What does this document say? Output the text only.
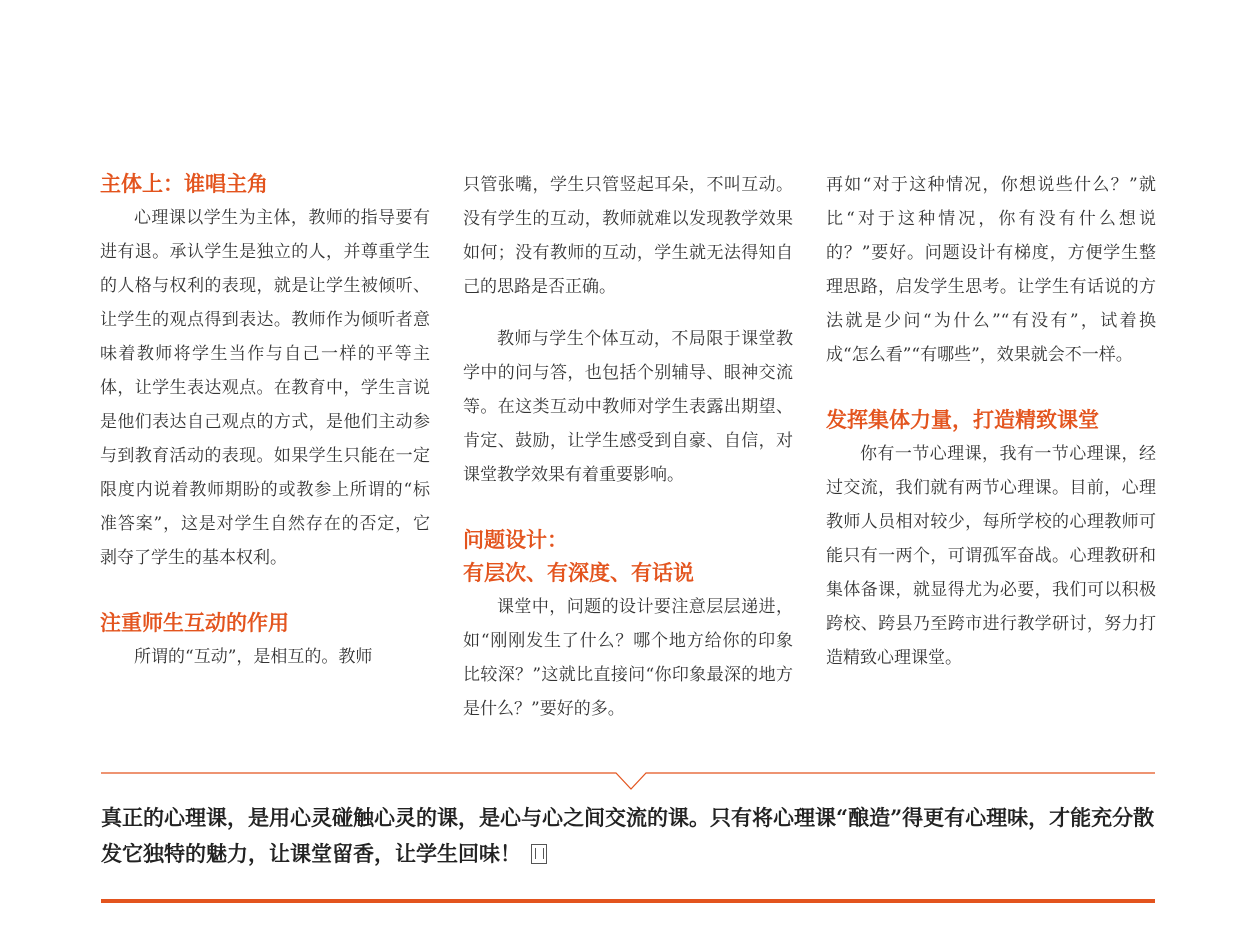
主体上：谁唱主角

心理课以学生为主体，教师的指导要有进有退。承认学生是独立的人，并尊重学生的人格与权利的表现，就是让学生被倾听、让学生的观点得到表达。教师作为倾听者意味着教师将学生当作与自己一样的平等主体，让学生表达观点。在教育中，学生言说是他们表达自己观点的方式，是他们主动参与到教育活动的表现。如果学生只能在一定限度内说着教师期盼的或教参上所谓的“标准答案”，这是对学生自然存在的否定，它剥夺了学生的基本权利。

注重师生互动的作用

所谓的“互动”，是相互的。教师

只管张嘴，学生只管竖起耳朵，不叫互动。没有学生的互动，教师就难以发现教学效果如何；没有教师的互动，学生就无法得知自己的思路是否正确。

教师与学生个体互动，不局限于课堂教学中的问与答，也包括个别辅导、眼神交流等。在这类互动中教师对学生表露出期望、肯定、鼓励，让学生感受到自豪、自信，对课堂教学效果有着重要影响。

问题设计：
有层次、有深度、有话说

课堂中，问题的设计要注意层层递进，如“刚刚发生了什么？哪个地方给你的印象比较深？”这就比直接问“你印象最深的地方是什么？”要好的多。

再如“对于这种情况，你想说些什么？”就比“对于这种情况，你有没有什么想说的？”要好。问题设计有梯度，方便学生整理思路，启发学生思考。让学生有话说的方法就是少问“为什么”“有没有”，试着换成“怎么看”“有哪些”，效果就会不一样。

发挥集体力量，打造精致课堂

你有一节心理课，我有一节心理课，经过交流，我们就有两节心理课。目前，心理教师人员相对较少，每所学校的心理教师可能只有一两个，可谓孤军奋战。心理教研和集体备课，就显得尤为必要，我们可以积极跨校、跨县乃至跨市进行教学研讨，努力打造精致心理课堂。

真正的心理课，是用心灵碰触心灵的课，是心与心之间交流的课。只有将心理课“酿造”得更有心理味，才能充分散发它独特的魅力，让课堂留香，让学生回味！
